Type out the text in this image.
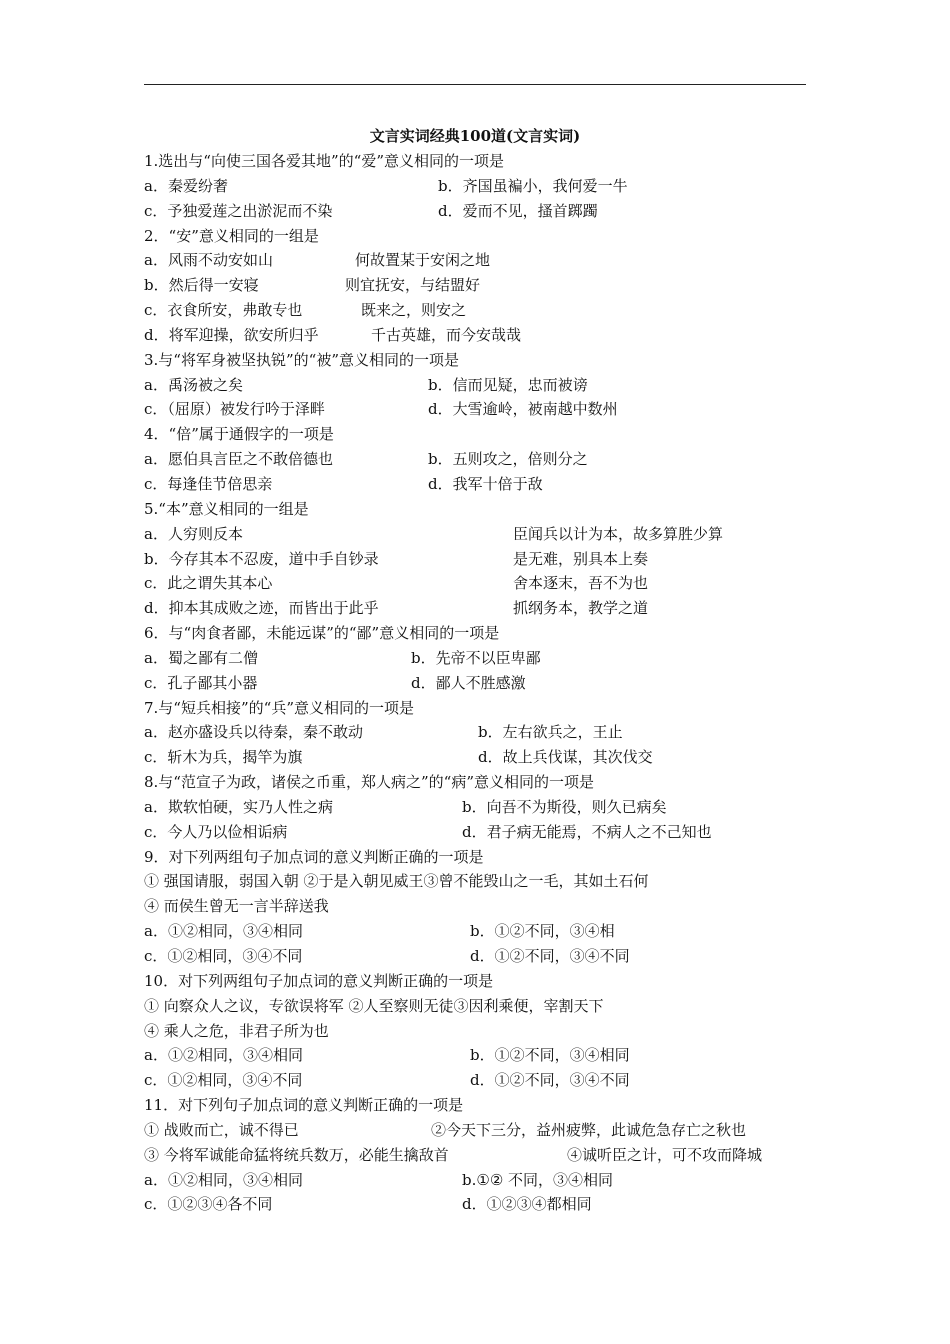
文言实词经典100道(文言实词)
1.选出与“向使三国各爱其地”的“爱”意义相同的一项是
a．秦爱纷奢	b．齐国虽褊小，我何爱一牛
c．予独爱莲之出淤泥而不染	d．爱而不见，搔首踯躅
2．“安”意义相同的一组是
a．风雨不动安如山	何故置某于安闲之地
b．然后得一安寝	则宜抚安，与结盟好
c．衣食所安，弗敢专也	既来之，则安之
d．将军迎操，欲安所归乎	千古英雄，而今安哉哉
3.与“将军身被坚执锐”的“被”意义相同的一项是
a．禹汤被之矣	b．信而见疑，忠而被谤
c．（屈原）被发行吟于泽畔	d．大雪逾岭，被南越中数州
4．“倍”属于通假字的一项是
a．愿伯具言臣之不敢倍德也	b．五则攻之，倍则分之
c．每逢佳节倍思亲	d．我军十倍于敌
5.“本”意义相同的一组是
a．人穷则反本	臣闻兵以计为本，故多算胜少算
b．今存其本不忍废，道中手自钞录	是无难，别具本上奏
c．此之谓失其本心	舍本逐末，吾不为也
d．抑本其成败之迹，而皆出于此乎	抓纲务本，教学之道
6．与“肉食者鄙，未能远谋”的“鄙”意义相同的一项是
a．蜀之鄙有二僧	b．先帝不以臣卑鄙
c．孔子鄙其小器	d．鄙人不胜感激
7.与“短兵相接”的“兵”意义相同的一项是
a．赵亦盛设兵以待秦，秦不敢动	b．左右欲兵之，王止
c．斩木为兵，揭竿为旗	d．故上兵伐谋，其次伐交
8.与“范宣子为政，诸侯之币重，郑人病之”的“病”意义相同的一项是
a．欺软怕硬，实乃人性之病	b．向吾不为斯役，则久已病矣
c．今人乃以俭相诟病	d．君子病无能焉，不病人之不己知也
9．对下列两组句子加点词的意义判断正确的一项是
① 强国请服，弱国入朝 ②于是入朝见威王③曾不能毁山之一毛，其如土石何
④ 而侯生曾无一言半辞送我
a．①②相同，③④相同	b．①②不同，③④相
c．①②相同，③④不同	d．①②不同，③④不同
10．对下列两组句子加点词的意义判断正确的一项是
① 向察众人之议，专欲误将军 ②人至察则无徒③因利乘便，宰割天下
④ 乘人之危，非君子所为也
a．①②相同，③④相同	b．①②不同，③④相同
c．①②相同，③④不同	d．①②不同，③④不同
11．对下列句子加点词的意义判断正确的一项是
① 战败而亡，诚不得已	②今天下三分，益州疲弊，此诚危急存亡之秋也
③ 今将军诚能命猛将统兵数万，必能生擒敌首	④诚听臣之计，可不攻而降城
a．①②相同，③④相同	b.①② 不同，③④相同
c．①②③④各不同	d．①②③④都相同
